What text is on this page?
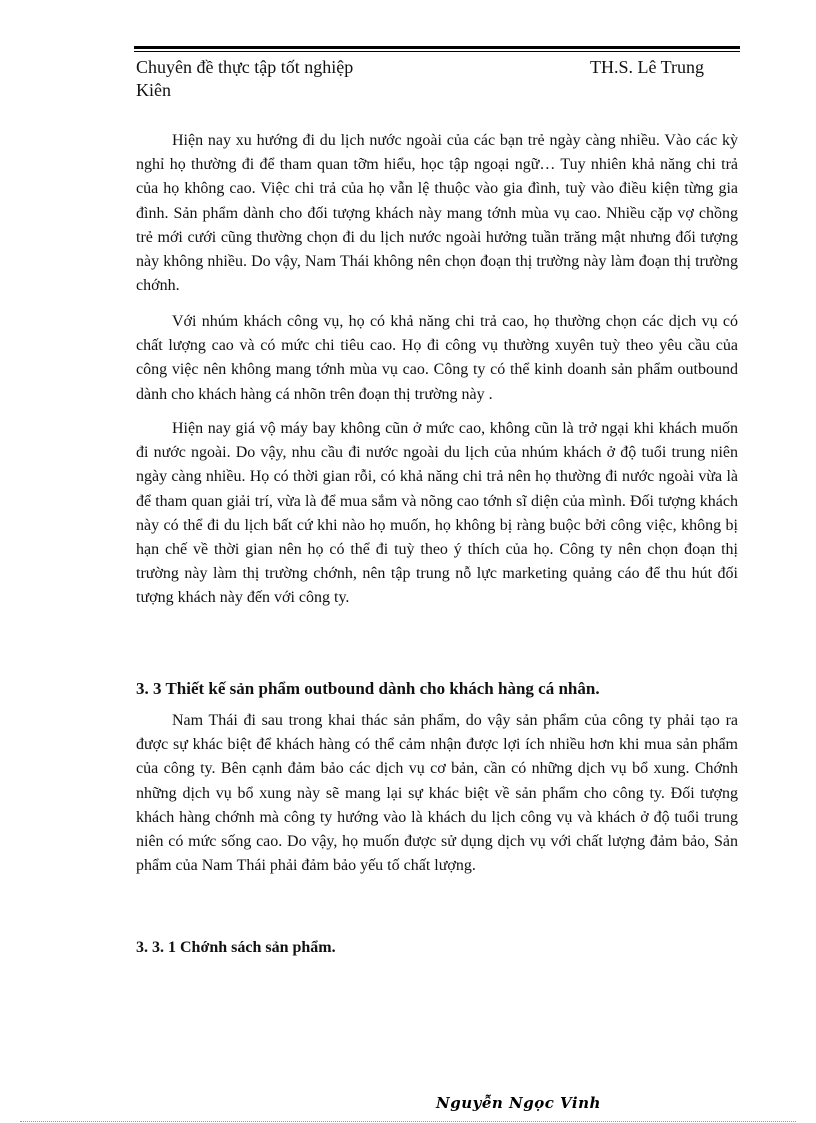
Chuyên đề thực tập tốt nghiệp	TH.S. Lê Trung
Kiên

Hiện nay xu hướng đi du lịch nước ngoài của các bạn trẻ ngày càng nhiều. Vào các kỳ nghỉ họ thường đi để tham quan tỡm hiểu, học tập ngoại ngữ… Tuy nhiên khả năng chi trả của họ không cao. Việc chi trả của họ vẫn lệ thuộc vào gia đình, tuỳ vào điều kiện từng gia đình. Sản phẩm dành cho đối tượng khách này mang tớnh mùa vụ cao. Nhiều cặp vợ chồng trẻ mới cưới cũng thường chọn đi du lịch nước ngoài hưởng tuần trăng mật nhưng đối tượng này không nhiều. Do vậy, Nam Thái không nên chọn đoạn thị trường này làm đoạn thị trường chớnh.

Với nhúm khách công vụ, họ có khả năng chi trả cao, họ thường chọn các dịch vụ có chất lượng cao và có mức chi tiêu cao. Họ đi công vụ thường xuyên tuỳ theo yêu cầu của công việc nên không mang tớnh mùa vụ cao. Công ty có thể kinh doanh sản phẩm outbound dành cho khách hàng cá nhõn trên đoạn thị trường này .

Hiện nay giá vộ máy bay không cũn ở mức cao, không cũn là trở ngại khi khách muốn đi nước ngoài. Do vậy, nhu cầu đi nước ngoài du lịch của nhúm khách ở độ tuổi trung niên ngày càng nhiều. Họ có thời gian rỗi, có khả năng chi trả nên họ thường đi nước ngoài vừa là để tham quan giải trí, vừa là để mua sắm và nõng cao tớnh sĩ diện của mình. Đối tượng khách này có thể đi du lịch bất cứ khi nào họ muốn, họ không bị ràng buộc bởi công việc, không bị hạn chế về thời gian nên họ có thể đi tuỳ theo ý thích của họ. Công ty nên chọn đoạn thị trường này làm thị trường chớnh, nên tập trung nỗ lực marketing quảng cáo để thu hút đối tượng khách này đến với công ty.

3. 3 Thiết kế sản phẩm outbound dành cho khách hàng cá nhân.

Nam Thái đi sau trong khai thác sản phẩm, do vậy sản phẩm của công ty phải tạo ra được sự khác biệt để khách hàng có thể cảm nhận được lợi ích nhiều hơn khi mua sản phẩm của công ty. Bên cạnh đảm bảo các dịch vụ cơ bản, cần có những dịch vụ bổ xung. Chớnh những dịch vụ bổ xung này sẽ mang lại sự khác biệt về sản phẩm cho công ty. Đối tượng khách hàng chớnh mà công ty hướng vào là khách du lịch công vụ và khách ở độ tuổi trung niên có mức sống cao. Do vậy, họ muốn được sử dụng dịch vụ với chất lượng đảm bảo, Sản phẩm của Nam Thái phải đảm bảo yếu tố chất lượng.

3. 3. 1 Chớnh sách sản phẩm.
Nguyễn Ngọc Vinh
